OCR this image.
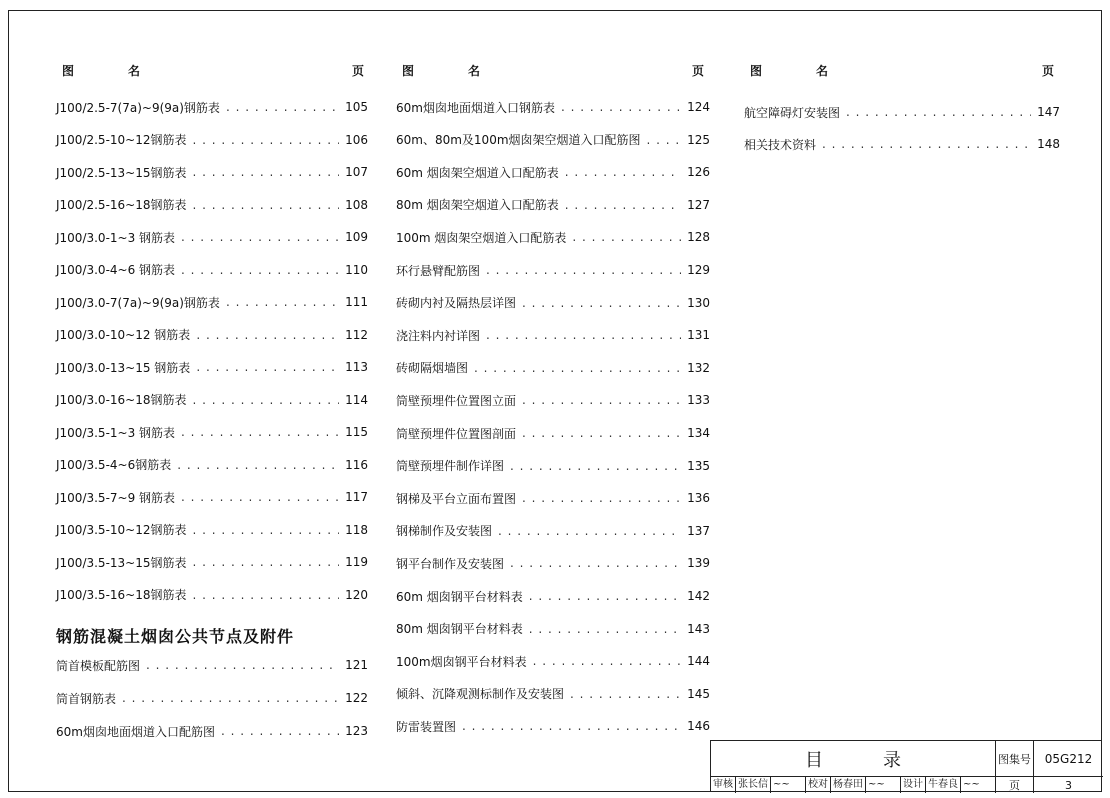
图	名	页	图	名	页	图	名	页
J100/2.5-7(7a)~9(9a)钢筋表 . . .	105
J100/2.5-10~12钢筋表 . . .	106
J100/2.5-13~15钢筋表 . . .	107
J100/2.5-16~18钢筋表 . . .	108
J100/3.0-1~3 钢筋表 . . .	109
J100/3.0-4~6 钢筋表 . . .	110
J100/3.0-7(7a)~9(9a)钢筋表 . . .	111
J100/3.0-10~12 钢筋表 . . .	112
J100/3.0-13~15 钢筋表 . . .	113
J100/3.0-16~18钢筋表 . . .	114
J100/3.5-1~3 钢筋表 . . .	115
J100/3.5-4~6钢筋表 . . .	116
J100/3.5-7~9 钢筋表 . . .	117
J100/3.5-10~12钢筋表 . . .	118
J100/3.5-13~15钢筋表 . . .	119
J100/3.5-16~18钢筋表 . . .	120
钢筋混凝土烟囱公共节点及附件
筒首模板配筋图 . . .	121
筒首钢筋表 . . .	122
60m烟囱地面烟道入口配筋图 . . .	123
60m烟囱地面烟道入口钢筋表 . . .	124
60m、80m及100m烟囱架空烟道入口配筋图 . . .	125
60m 烟囱架空烟道入口配筋表 . . .	126
80m 烟囱架空烟道入口配筋表 . . .	127
100m 烟囱架空烟道入口配筋表 . . .	128
环行悬臂配筋图 . . .	129
砖砌内衬及隔热层详图 . . .	130
浇注料内衬详图 . . .	131
砖砌隔烟墙图 . . .	132
筒壁预埋件位置图立面 . . .	133
筒壁预埋件位置图剖面 . . .	134
筒壁预埋件制作详图 . . .	135
钢梯及平台立面布置图 . . .	136
钢梯制作及安装图 . . .	137
钢平台制作及安装图 . . .	139
60m 烟囱钢平台材料表 . . .	142
80m 烟囱钢平台材料表 . . .	143
100m烟囱钢平台材料表 . . .	144
倾斜、沉降观测标制作及安装图 . . .	145
防雷装置图 . . .	146
航空障碍灯安装图 . . .	147
相关技术资料 . . .	148
目录	图集号	05G212
审核 张长信 ~~	校对 杨春田 ~~	设计 牛春良 ~~	页	3
